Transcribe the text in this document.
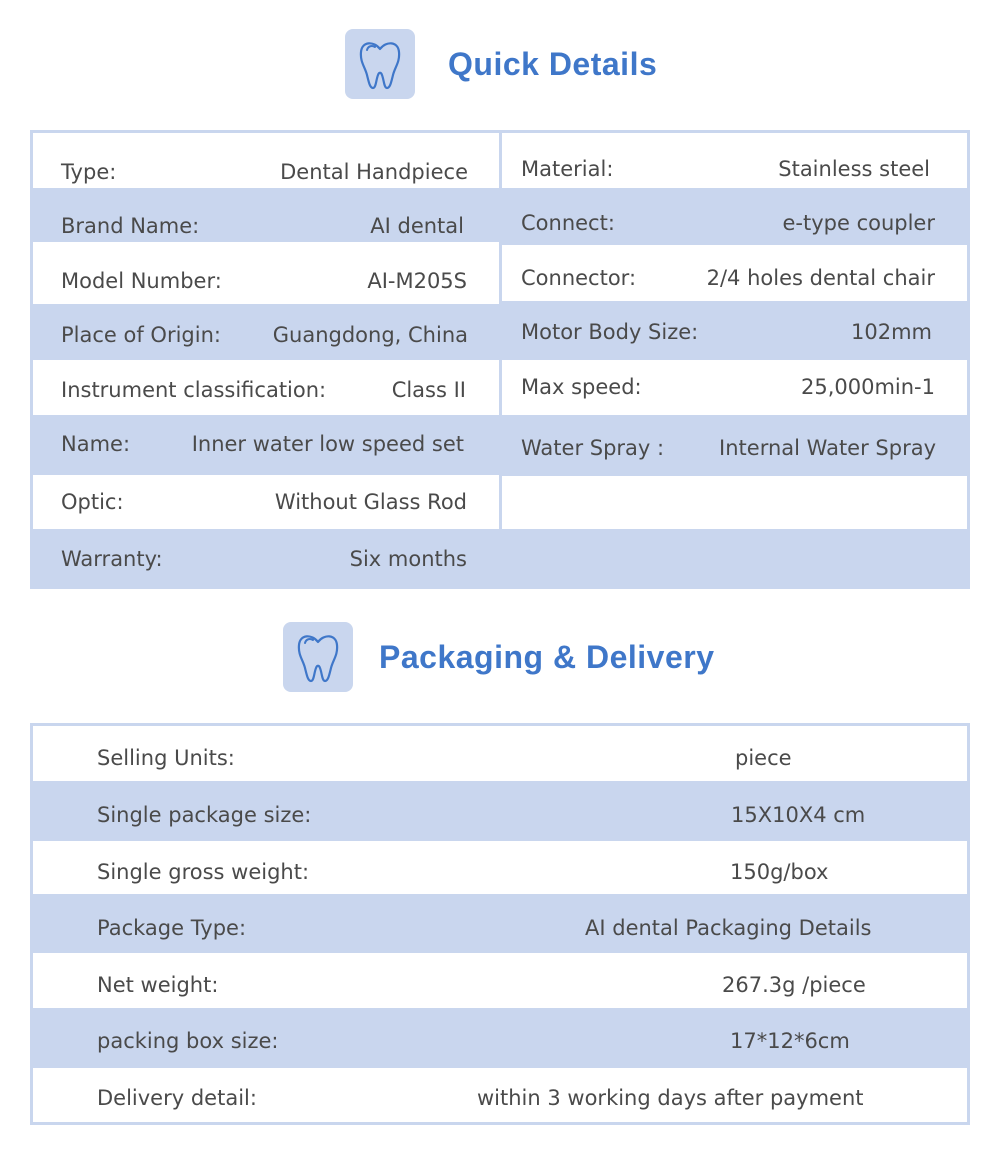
Quick Details
Type:	Dental Handpiece
Brand Name:	AI dental
Model Number:	AI-M205S
Place of Origin: Guangdong, China
Instrument classification:	Class II
Name:	Inner water low speed set
Optic:	Without Glass Rod
Warranty:	Six months
Material:	Stainless steel
Connect:	e-type coupler
Connector:	2/4 holes dental chair
Motor Body Size:	102mm
Max speed:	25,000min-1
Water Spray :	Internal Water Spray
Packaging & Delivery
Selling Units:	piece
Single package size:	15X10X4 cm
Single gross weight:	150g/box
Package Type:	AI dental Packaging Details
Net weight:	267.3g /piece
packing box size:	17*12*6cm
Delivery detail:	within 3 working days after payment
